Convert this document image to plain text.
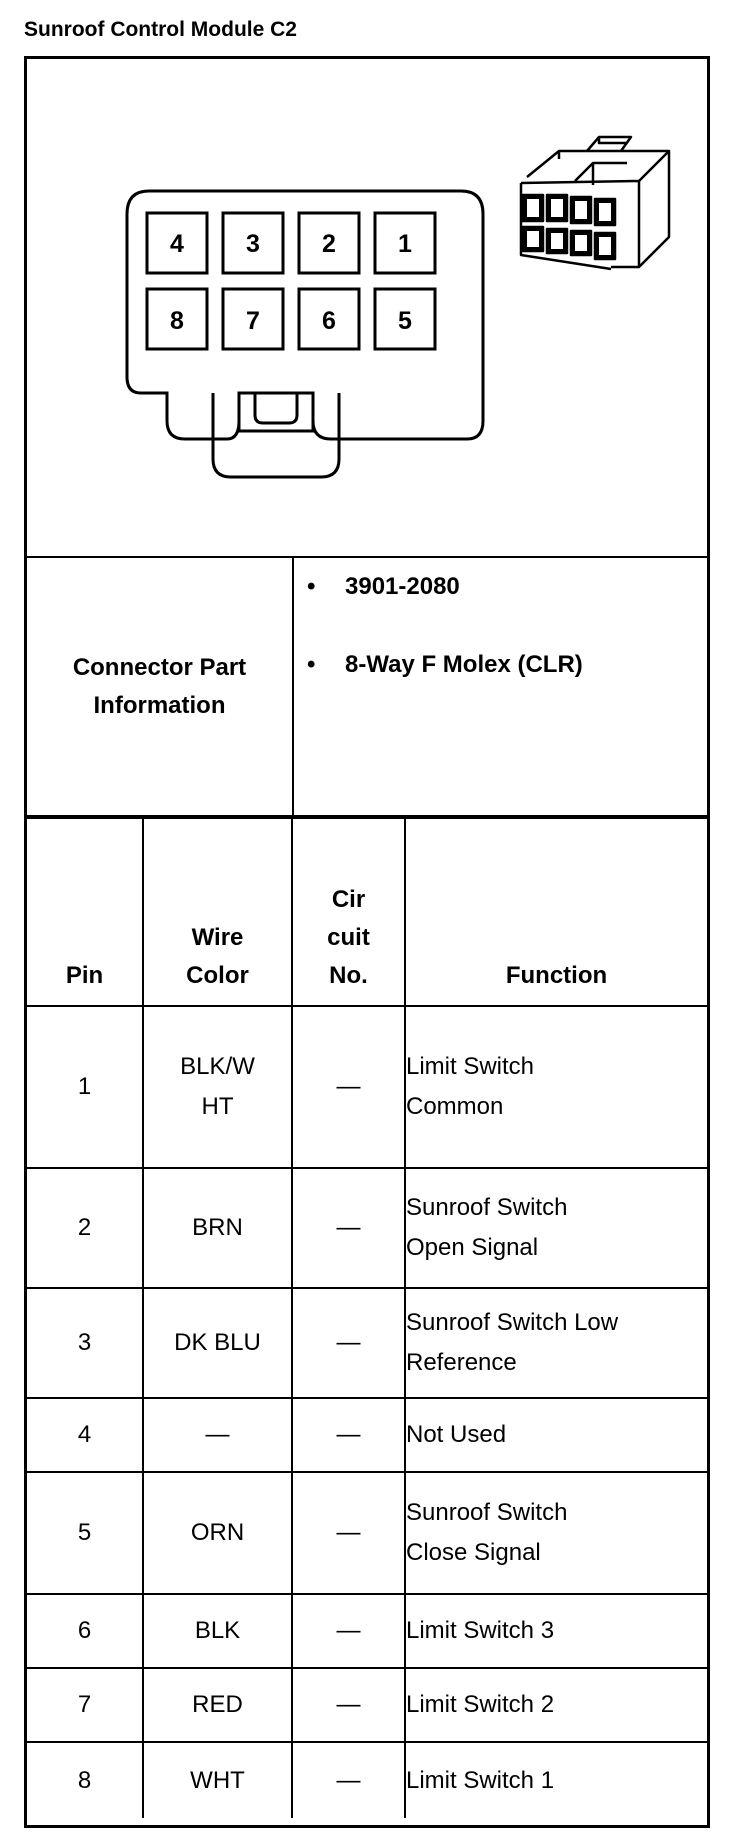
Sunroof Control Module C2
4 3 2 1
8 7 6 5
Connector Part Information
• 3901-2080
• 8-Way F Molex (CLR)
Pin	Wire Color	Cir cuit No.	Function
1	BLK/W HT	—	Limit Switch Common
2	BRN	—	Sunroof Switch Open Signal
3	DK BLU	—	Sunroof Switch Low Reference
4	—	—	Not Used
5	ORN	—	Sunroof Switch Close Signal
6	BLK	—	Limit Switch 3
7	RED	—	Limit Switch 2
8	WHT	—	Limit Switch 1
